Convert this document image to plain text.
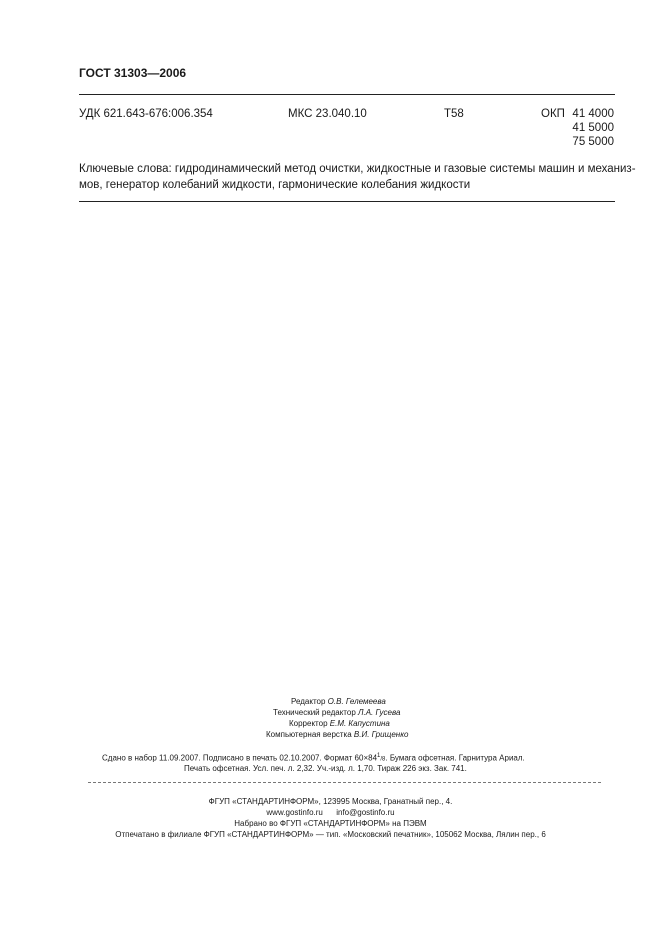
ГОСТ 31303—2006
УДК 621.643-676:006.354	МКС 23.040.10	Т58	ОКП 41 4000
41 5000
75 5000

Ключевые слова: гидродинамический метод очистки, жидкостные и газовые системы машин и механиз-

мов, генератор колебаний жидкости, гармонические колебания жидкости

Редактор О.В. Гелемеева
Технический редактор Л.А. Гусева
Корректор Е.М. Капустина
Компьютерная верстка В.И. Грищенко
Сдано в набор 11.09.2007. Подписано в печать 02.10.2007. Формат $60\times 84^1/8$. Бумага офсетная. Гарнитура Ариал.
Печать офсетная. Усл. печ. л. 2,32. Уч.-изд. л. 1,70. Тираж 226 экз. Зак. 741.
ФГУП «СТАНДАРТИНФОРМ», 123995 Москва, Гранатный пер., 4.
www.gostinfo.ru info@gostinfo.ru
Набрано во ФГУП «СТАНДАРТИНФОРМ» на ПЭВМ
Отпечатано в филиале ФГУП «СТАНДАРТИНФОРМ» — тип. «Московский печатник», 105062 Москва, Лялин пер., 6
